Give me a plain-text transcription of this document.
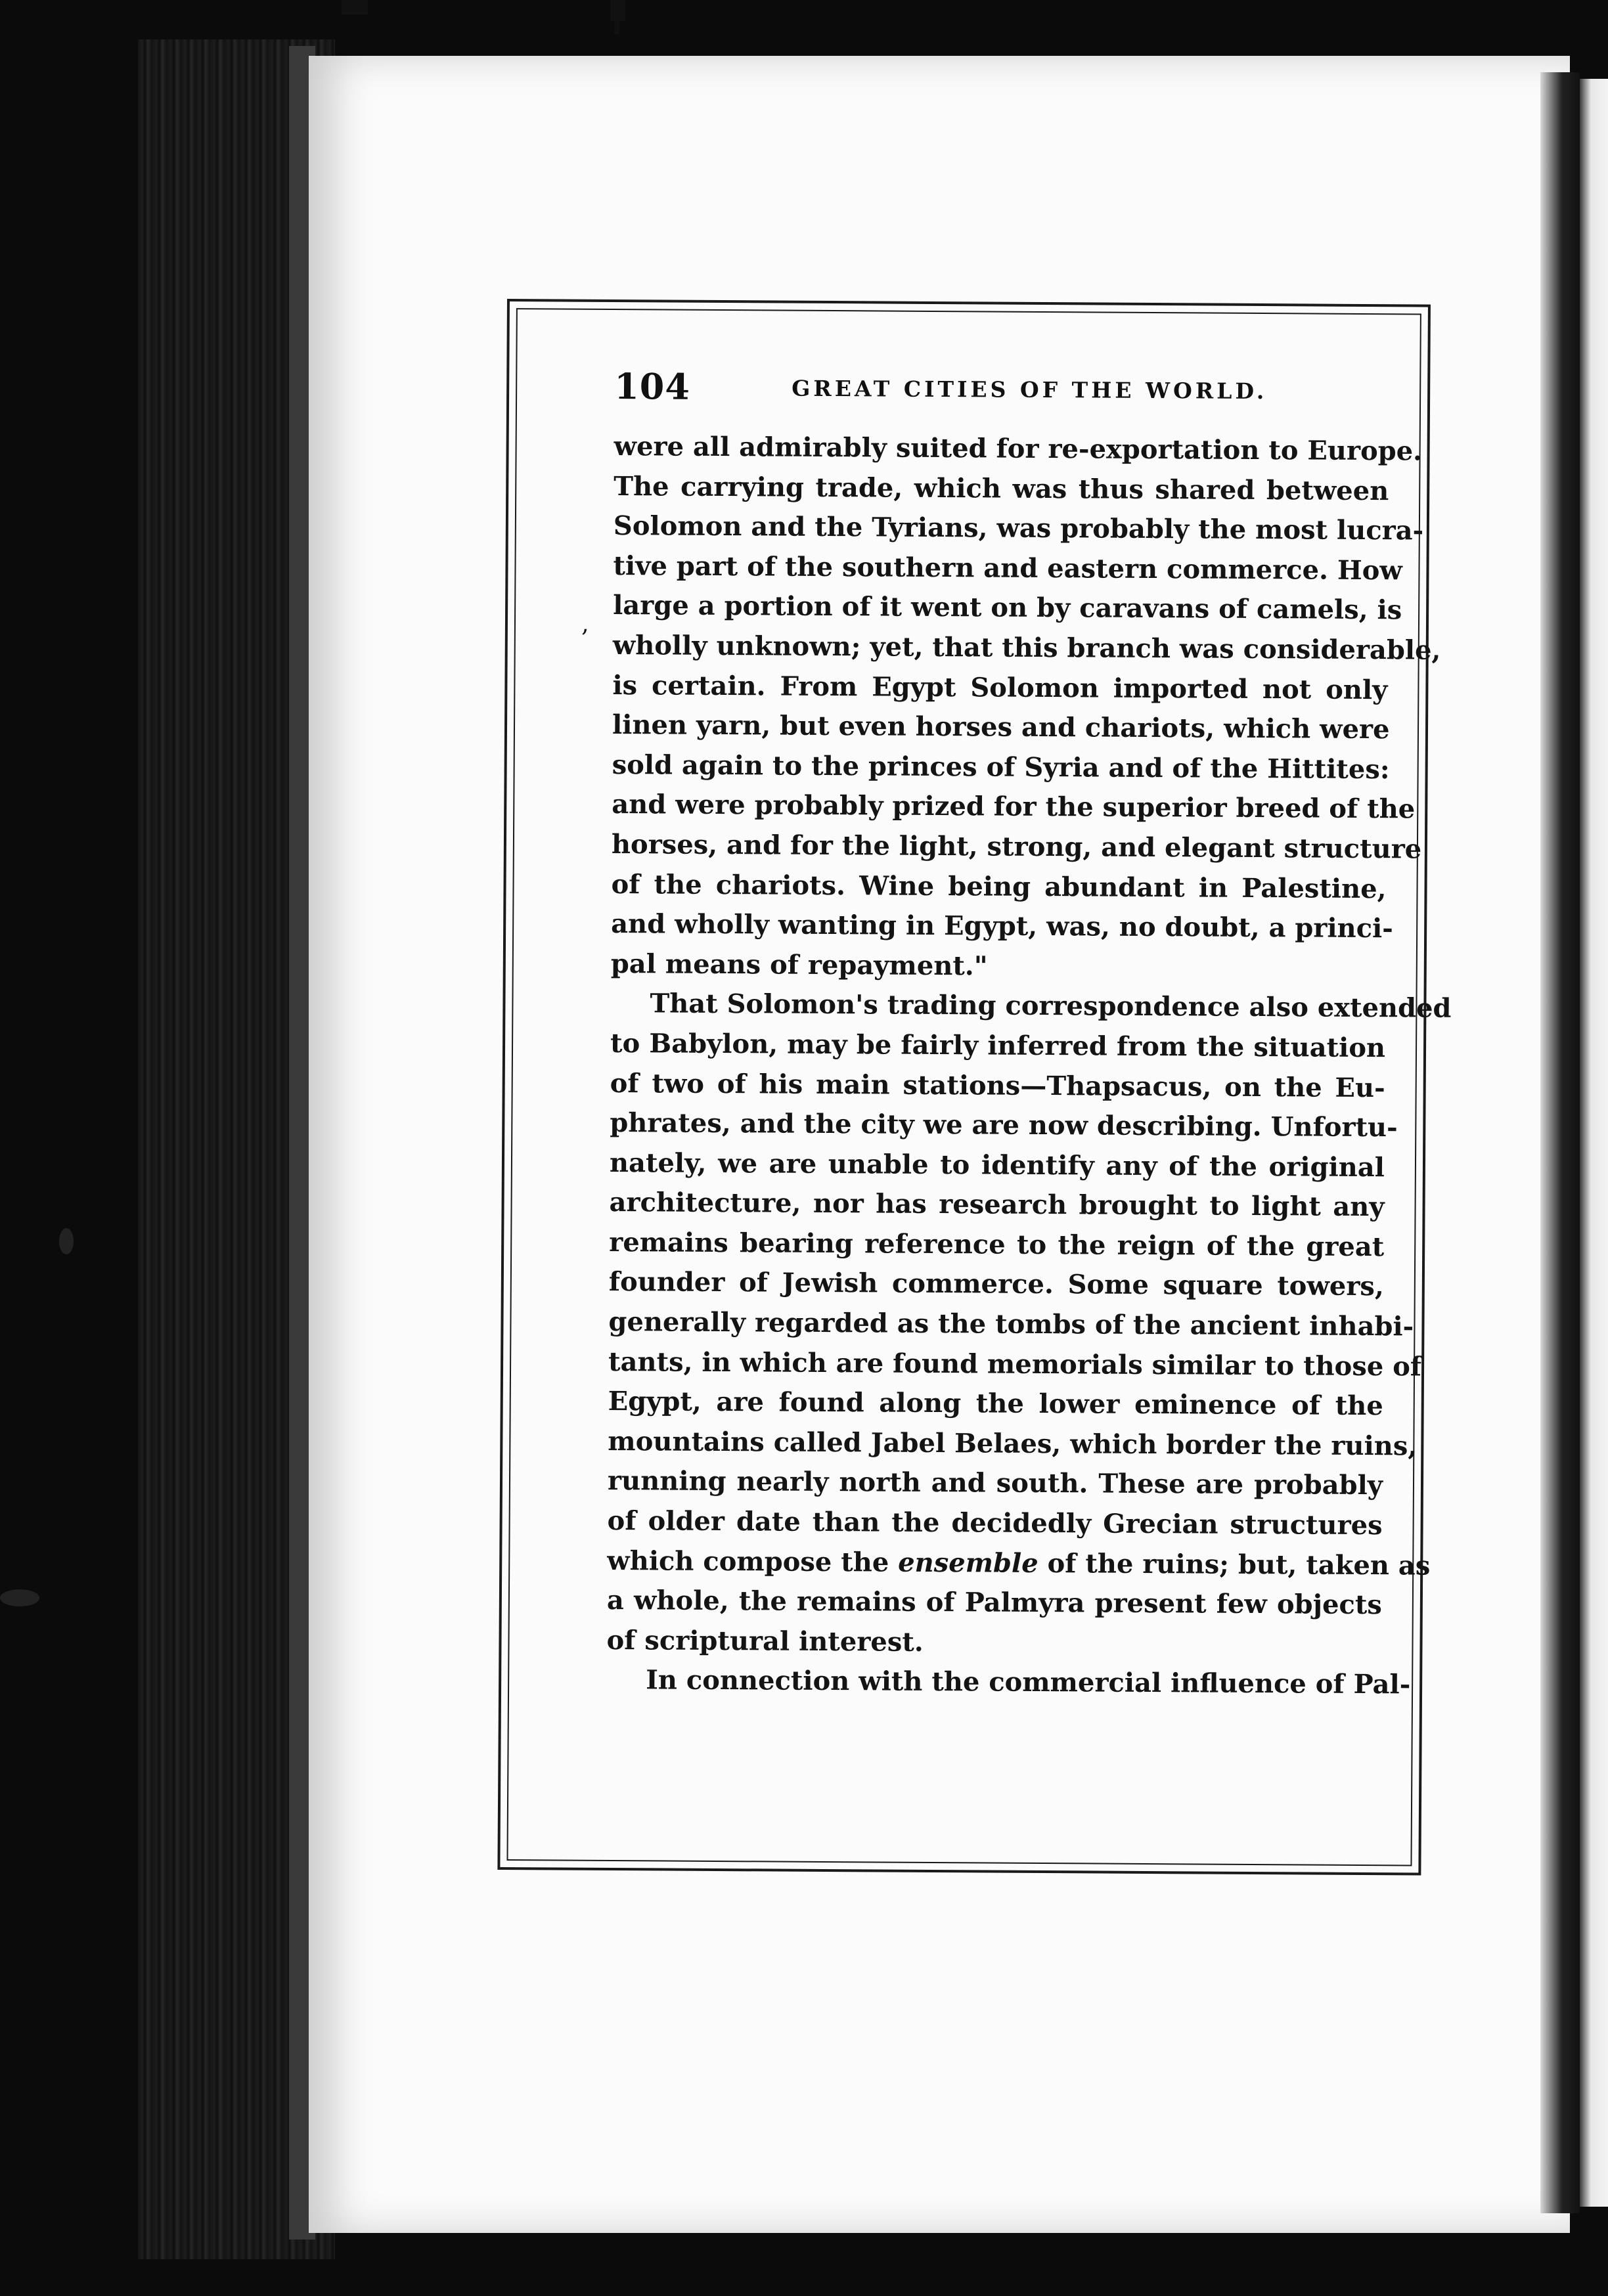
104	GREAT CITIES OF THE WORLD.
‚
were all admirably suited for re-exportation to Europe.
The carrying trade, which was thus shared between
Solomon and the Tyrians, was probably the most lucra-
tive part of the southern and eastern commerce. How
large a portion of it went on by caravans of camels, is
wholly unknown; yet, that this branch was considerable,
is certain. From Egypt Solomon imported not only
linen yarn, but even horses and chariots, which were
sold again to the princes of Syria and of the Hittites:
and were probably prized for the superior breed of the
horses, and for the light, strong, and elegant structure
of the chariots. Wine being abundant in Palestine,
and wholly wanting in Egypt, was, no doubt, a princi-
pal means of repayment."
That Solomon's trading correspondence also extended
to Babylon, may be fairly inferred from the situation
of two of his main stations—Thapsacus, on the Eu-
phrates, and the city we are now describing. Unfortu-
nately, we are unable to identify any of the original
architecture, nor has research brought to light any
remains bearing reference to the reign of the great
founder of Jewish commerce. Some square towers,
generally regarded as the tombs of the ancient inhabi-
tants, in which are found memorials similar to those of
Egypt, are found along the lower eminence of the
mountains called Jabel Belaes, which border the ruins,
running nearly north and south. These are probably
of older date than the decidedly Grecian structures
which compose the ensemble of the ruins; but, taken as
a whole, the remains of Palmyra present few objects
of scriptural interest.
In connection with the commercial influence of Pal-
